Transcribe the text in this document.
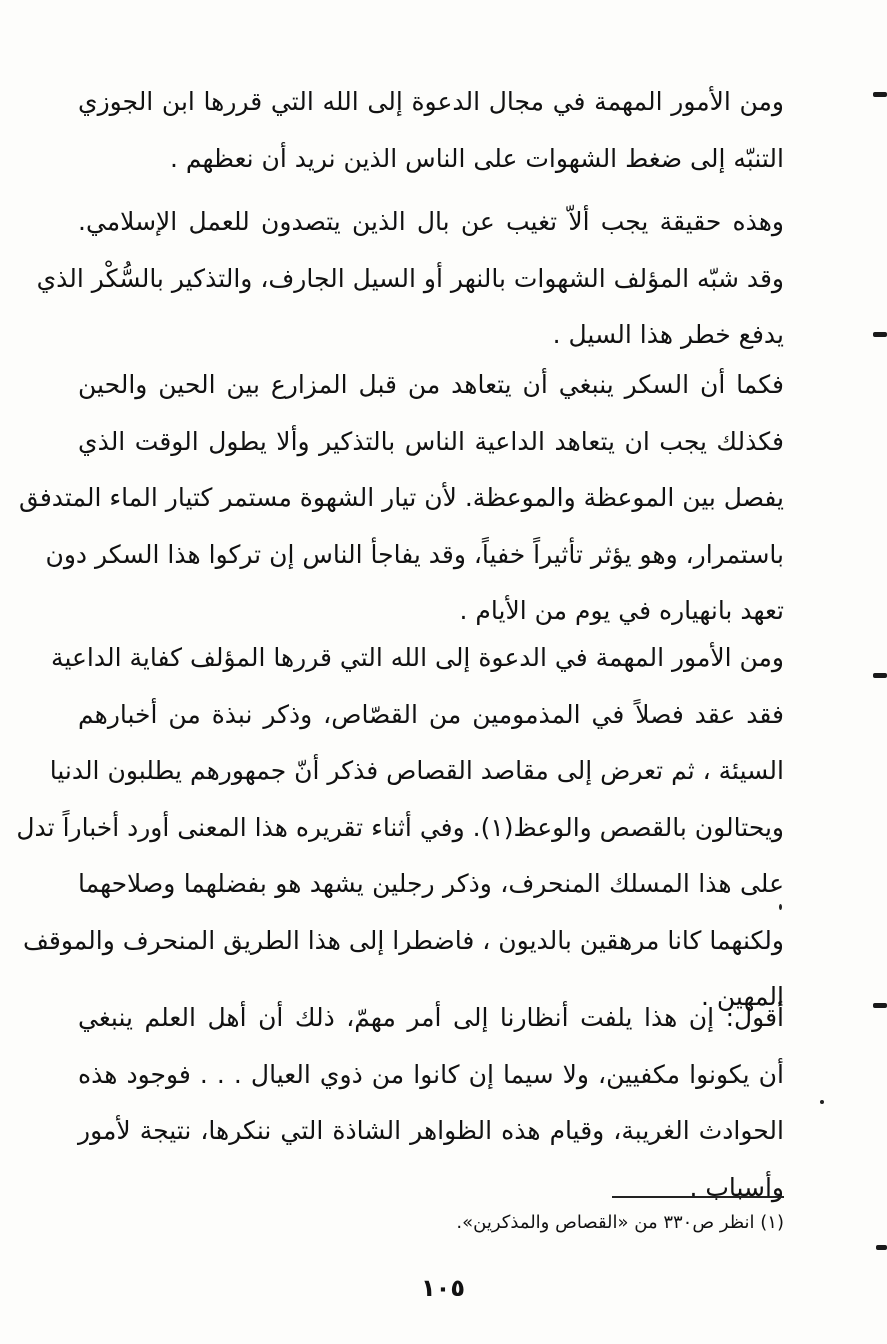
ومن الأمور المهمة في مجال الدعوة إلى الله التي قررها ابن الجوزي
التنبّه إلى ضغط الشهوات على الناس الذين نريد أن نعظهم .
وهذه حقيقة يجب ألاّ تغيب عن بال الذين يتصدون للعمل الإسلامي.
وقد شبّه المؤلف الشهوات بالنهر أو السيل الجارف، والتذكير بالسُّكْر الذي
يدفع خطر هذا السيل .
فكما أن السكر ينبغي أن يتعاهد من قبل المزارع بين الحين والحين
فكذلك يجب ان يتعاهد الداعية الناس بالتذكير وألا يطول الوقت الذي
يفصل بين الموعظة والموعظة. لأن تيار الشهوة مستمر كتيار الماء المتدفق
باستمرار، وهو يؤثر تأثيراً خفياً، وقد يفاجأ الناس إن تركوا هذا السكر دون
تعهد بانهياره في يوم من الأيام .
ومن الأمور المهمة في الدعوة إلى الله التي قررها المؤلف كفاية الداعية
فقد عقد فصلاً في المذمومين من القصّاص، وذكر نبذة من أخبارهم
السيئة ، ثم تعرض إلى مقاصد القصاص فذكر أنّ جمهورهم يطلبون الدنيا
ويحتالون بالقصص والوعظ(١). وفي أثناء تقريره هذا المعنى أورد أخباراً تدل
على هذا المسلك المنحرف، وذكر رجلين يشهد هو بفضلهما وصلاحهما
ولكنهما كانا مرهقين بالديون ، فاضطرا إلى هذا الطريق المنحرف والموقف
المهين .
أقول: إن هذا يلفت أنظارنا إلى أمر مهمّ، ذلك أن أهل العلم ينبغي
أن يكونوا مكفيين، ولا سيما إن كانوا من ذوي العيال . . . فوجود هذه
الحوادث الغريبة، وقيام هذه الظواهر الشاذة التي ننكرها، نتيجة لأمور
وأسباب .
(١) انظر ص٣٣٠ من «القصاص والمذكرين».
١٠٥
